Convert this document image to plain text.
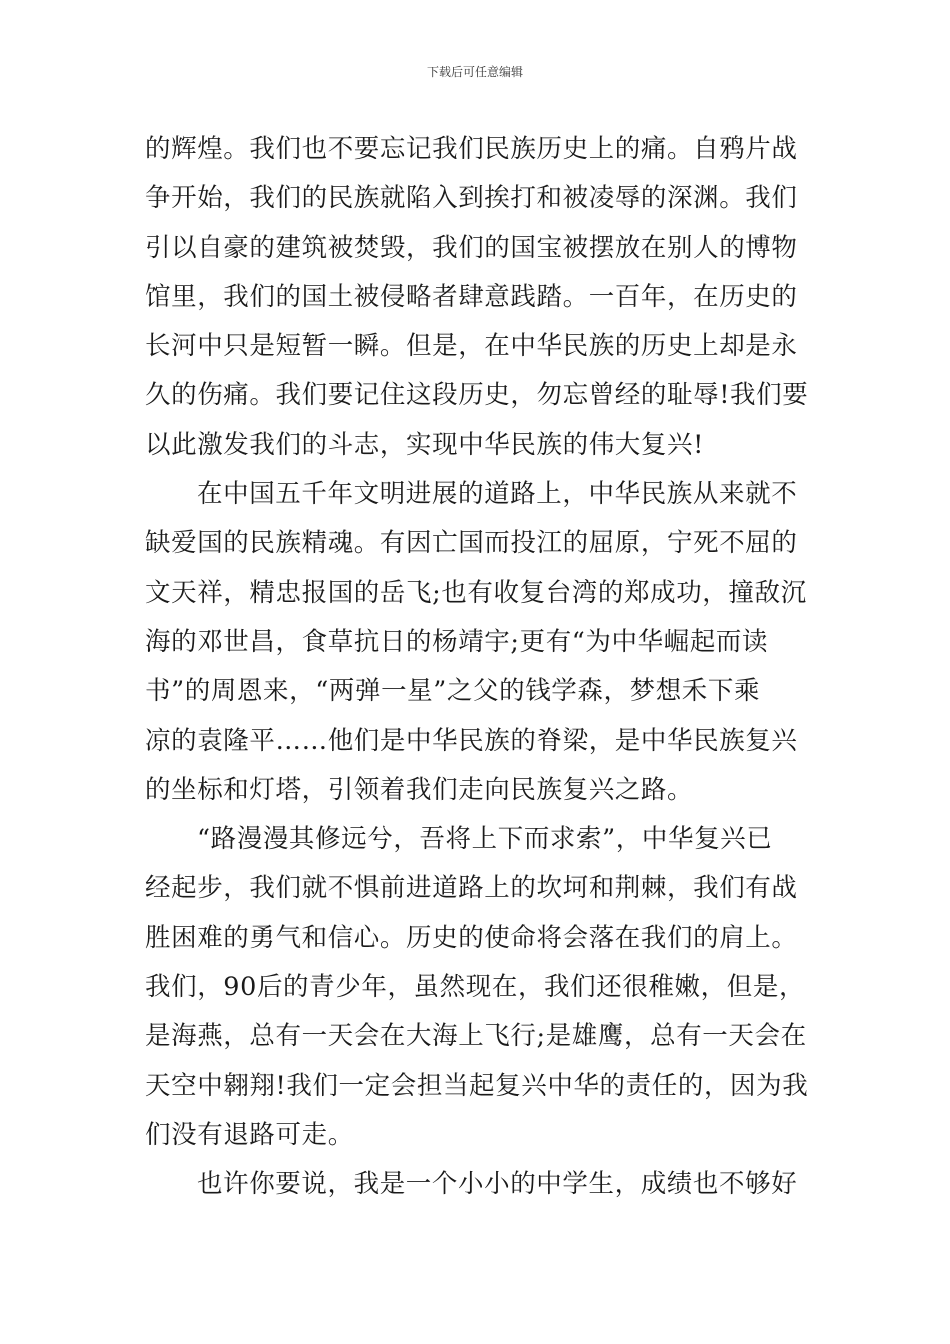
下载后可任意编辑
的辉煌。我们也不要忘记我们民族历史上的痛。自鸦片战
争开始，我们的民族就陷入到挨打和被凌辱的深渊。我们
引以自豪的建筑被焚毁，我们的国宝被摆放在别人的博物
馆里，我们的国土被侵略者肆意践踏。一百年，在历史的
长河中只是短暂一瞬。但是，在中华民族的历史上却是永
久的伤痛。我们要记住这段历史，勿忘曾经的耻辱!我们要
以此激发我们的斗志，实现中华民族的伟大复兴!
在中国五千年文明进展的道路上，中华民族从来就不
缺爱国的民族精魂。有因亡国而投江的屈原，宁死不屈的
文天祥，精忠报国的岳飞;也有收复台湾的郑成功，撞敌沉
海的邓世昌，食草抗日的杨靖宇;更有“为中华崛起而读
书”的周恩来，“两弹一星”之父的钱学森，梦想禾下乘
凉的袁隆平……他们是中华民族的脊梁，是中华民族复兴
的坐标和灯塔，引领着我们走向民族复兴之路。
“路漫漫其修远兮，吾将上下而求索”，中华复兴已
经起步，我们就不惧前进道路上的坎坷和荆棘，我们有战
胜困难的勇气和信心。历史的使命将会落在我们的肩上。
我们，90后的青少年，虽然现在，我们还很稚嫩，但是，
是海燕，总有一天会在大海上飞行;是雄鹰，总有一天会在
天空中翱翔!我们一定会担当起复兴中华的责任的，因为我
们没有退路可走。
也许你要说，我是一个小小的中学生，成绩也不够好
